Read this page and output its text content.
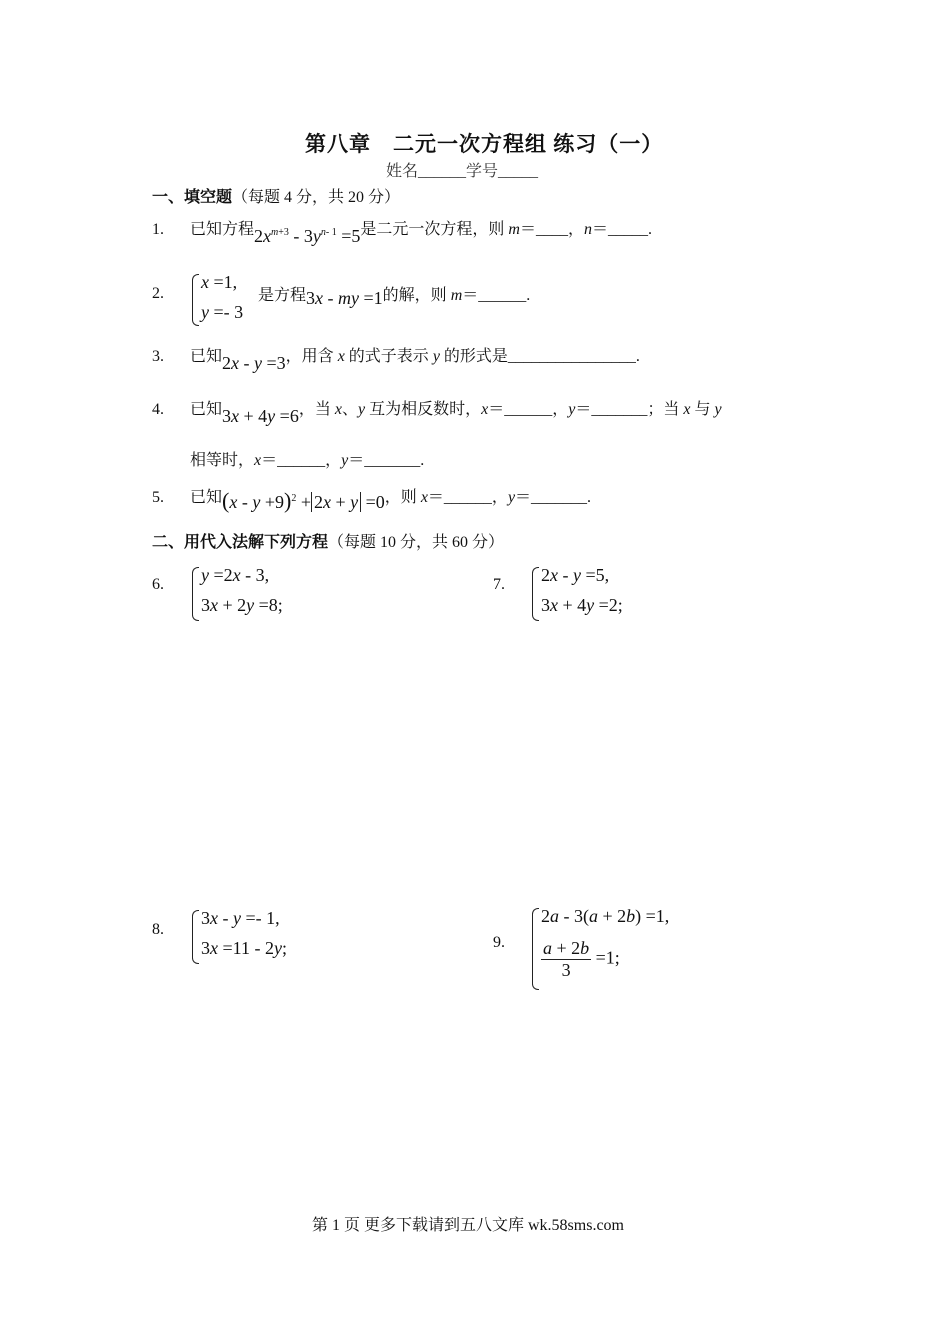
第八章　二元一次方程组 练习（一）
姓名______学号_____
一、填空题（每题 4 分，共 20 分）
1. 已知方程$2x^{m+3} - 3y^{n- 1} =5$是二元一次方程，则 m＝____，n＝_____.
2.
x =1,
y =- 3
是方程3x - my =1的解，则 m＝______.
3. 已知2x - y =3，用含 x 的式子表示 y 的形式是________________.
4. 已知3x + 4y =6，当 x、y 互为相反数时，x＝______，y＝_______；当 x 与 y
相等时，x＝______，y＝_______.
5. 已知$(x - y +9)^2 + 2x + y =0$，则 x＝______，y＝_______.
二、用代入法解下列方程（每题 10 分，共 60 分）
6. y =2x - 3,
3x + 2y =8;
7. 2x - y =5,
3x + 4y =2;
8.
3x - y =- 1,
3x =11 - 2y;	9.
2a - 3(a + 2b) =1,
$\frac{a + 2b}{3} =1$;
第 1 页 更多下载请到五八文库 wk.58sms.com
